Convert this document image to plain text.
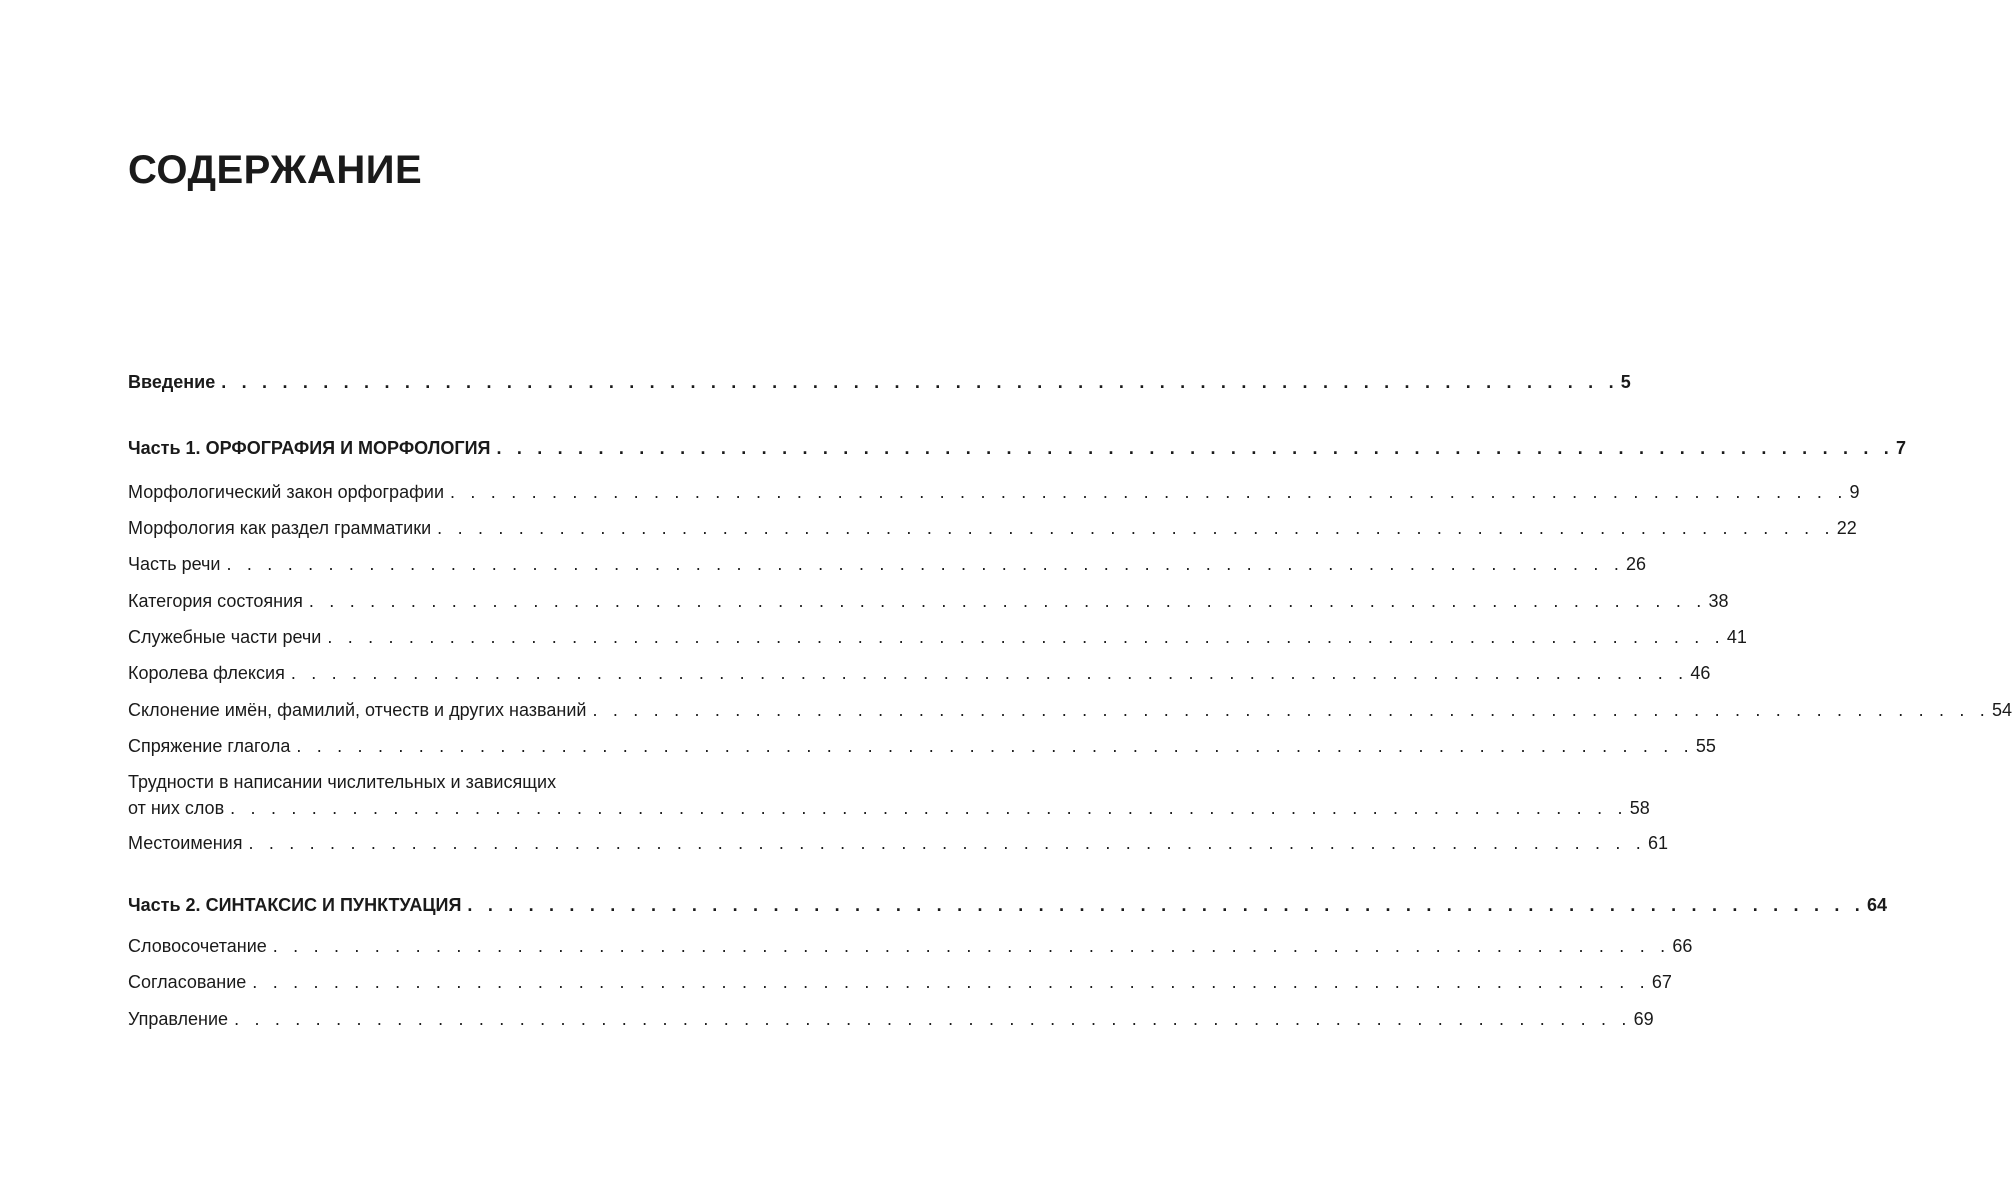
СОДЕРЖАНИЕ
Введение . . . . . . . . . . . . . . . . . . . . . . . . . . . . . . . . . . . . . . . . . . . . . . . . . . . . . . . . . . . . . . . . . . . . . 5
Часть 1. ОРФОГРАФИЯ И МОРФОЛОГИЯ . . . . . . . . . . . . . . . . . . . . . . . . . . . . . . . . . . . . . . . . . . . . . . . . . . . . . . . . . . . . . . . . . . . . . 7
Морфологический закон орфографии . . . . . . . . . . . . . . . . . . . . . . . . . . . . . . . . . . . . . . . . . . . . . . . . . . . . . . . . . . . . . . . . . . . . . 9
Морфология как раздел грамматики . . . . . . . . . . . . . . . . . . . . . . . . . . . . . . . . . . . . . . . . . . . . . . . . . . . . . . . . . . . . . . . . . . . . . 22
Часть речи . . . . . . . . . . . . . . . . . . . . . . . . . . . . . . . . . . . . . . . . . . . . . . . . . . . . . . . . . . . . . . . . . . . . . 26
Категория состояния . . . . . . . . . . . . . . . . . . . . . . . . . . . . . . . . . . . . . . . . . . . . . . . . . . . . . . . . . . . . . . . . . . . . . 38
Служебные части речи . . . . . . . . . . . . . . . . . . . . . . . . . . . . . . . . . . . . . . . . . . . . . . . . . . . . . . . . . . . . . . . . . . . . . 41
Королева флексия . . . . . . . . . . . . . . . . . . . . . . . . . . . . . . . . . . . . . . . . . . . . . . . . . . . . . . . . . . . . . . . . . . . . . 46
Склонение имён, фамилий, отчеств и других названий . . . . . . . . . . . . . . . . . . . . . . . . . . . . . . . . . . . . . . . . . . . . . . . . . . . . . . . . . . . . . . . . . . . . . 54
Спряжение глагола . . . . . . . . . . . . . . . . . . . . . . . . . . . . . . . . . . . . . . . . . . . . . . . . . . . . . . . . . . . . . . . . . . . . . 55
Трудности в написании числительных и зависящих
от них слов . . . . . . . . . . . . . . . . . . . . . . . . . . . . . . . . . . . . . . . . . . . . . . . . . . . . . . . . . . . . . . . . . . . . . 58
Местоимения . . . . . . . . . . . . . . . . . . . . . . . . . . . . . . . . . . . . . . . . . . . . . . . . . . . . . . . . . . . . . . . . . . . . . 61
Часть 2. СИНТАКСИС И ПУНКТУАЦИЯ . . . . . . . . . . . . . . . . . . . . . . . . . . . . . . . . . . . . . . . . . . . . . . . . . . . . . . . . . . . . . . . . . . . . . 64
Словосочетание . . . . . . . . . . . . . . . . . . . . . . . . . . . . . . . . . . . . . . . . . . . . . . . . . . . . . . . . . . . . . . . . . . . . . 66
Согласование . . . . . . . . . . . . . . . . . . . . . . . . . . . . . . . . . . . . . . . . . . . . . . . . . . . . . . . . . . . . . . . . . . . . . 67
Управление . . . . . . . . . . . . . . . . . . . . . . . . . . . . . . . . . . . . . . . . . . . . . . . . . . . . . . . . . . . . . . . . . . . . . 69
